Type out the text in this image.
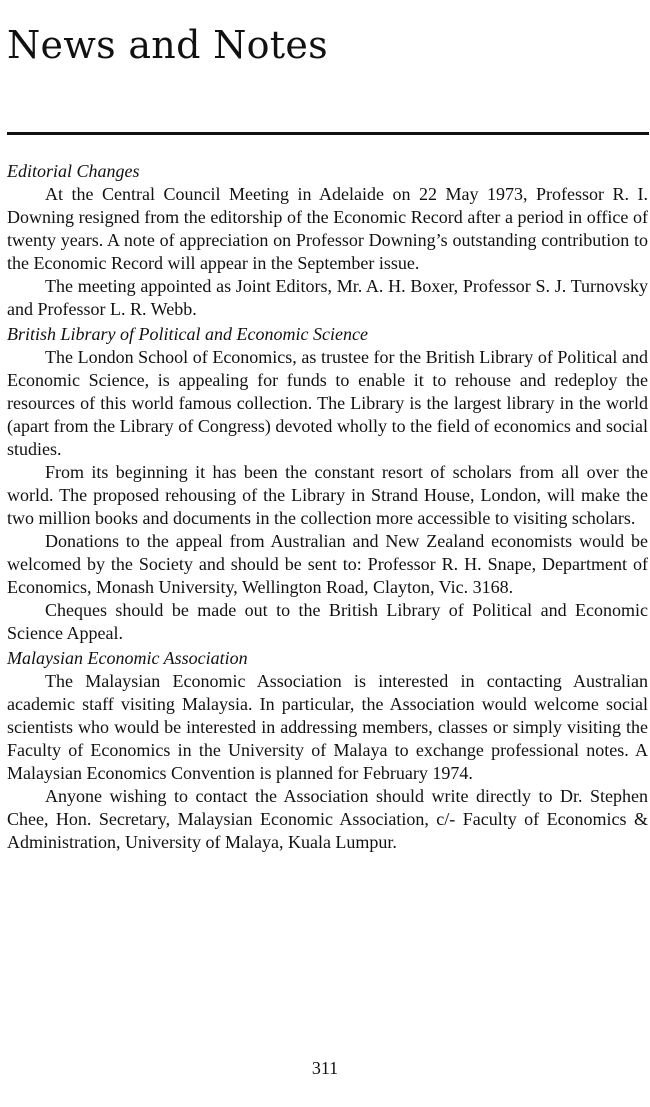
News and Notes
Editorial Changes

At the Central Council Meeting in Adelaide on 22 May 1973, Professor R. I. Downing resigned from the editorship of the Economic Record after a period in office of twenty years. A note of appreciation on Professor Downing’s outstanding contribution to the Economic Record will appear in the September issue.

The meeting appointed as Joint Editors, Mr. A. H. Boxer, Professor S. J. Turnovsky and Professor L. R. Webb.

British Library of Political and Economic Science

The London School of Economics, as trustee for the British Library of Political and Economic Science, is appealing for funds to enable it to rehouse and redeploy the resources of this world famous collection. The Library is the largest library in the world (apart from the Library of Congress) devoted wholly to the field of economics and social studies.

From its beginning it has been the constant resort of scholars from all over the world. The proposed rehousing of the Library in Strand House, London, will make the two million books and documents in the collection more accessible to visiting scholars.

Donations to the appeal from Australian and New Zealand economists would be welcomed by the Society and should be sent to: Professor R. H. Snape, Department of Economics, Monash University, Wellington Road, Clayton, Vic. 3168.

Cheques should be made out to the British Library of Political and Economic Science Appeal.

Malaysian Economic Association

The Malaysian Economic Association is interested in contacting Australian academic staff visiting Malaysia. In particular, the Association would welcome social scientists who would be interested in addressing members, classes or simply visiting the Faculty of Economics in the University of Malaya to exchange professional notes. A Malaysian Economics Convention is planned for February 1974.

Anyone wishing to contact the Association should write directly to Dr. Stephen Chee, Hon. Secretary, Malaysian Economic Association, c/- Faculty of Economics & Administration, University of Malaya, Kuala Lumpur.

311
